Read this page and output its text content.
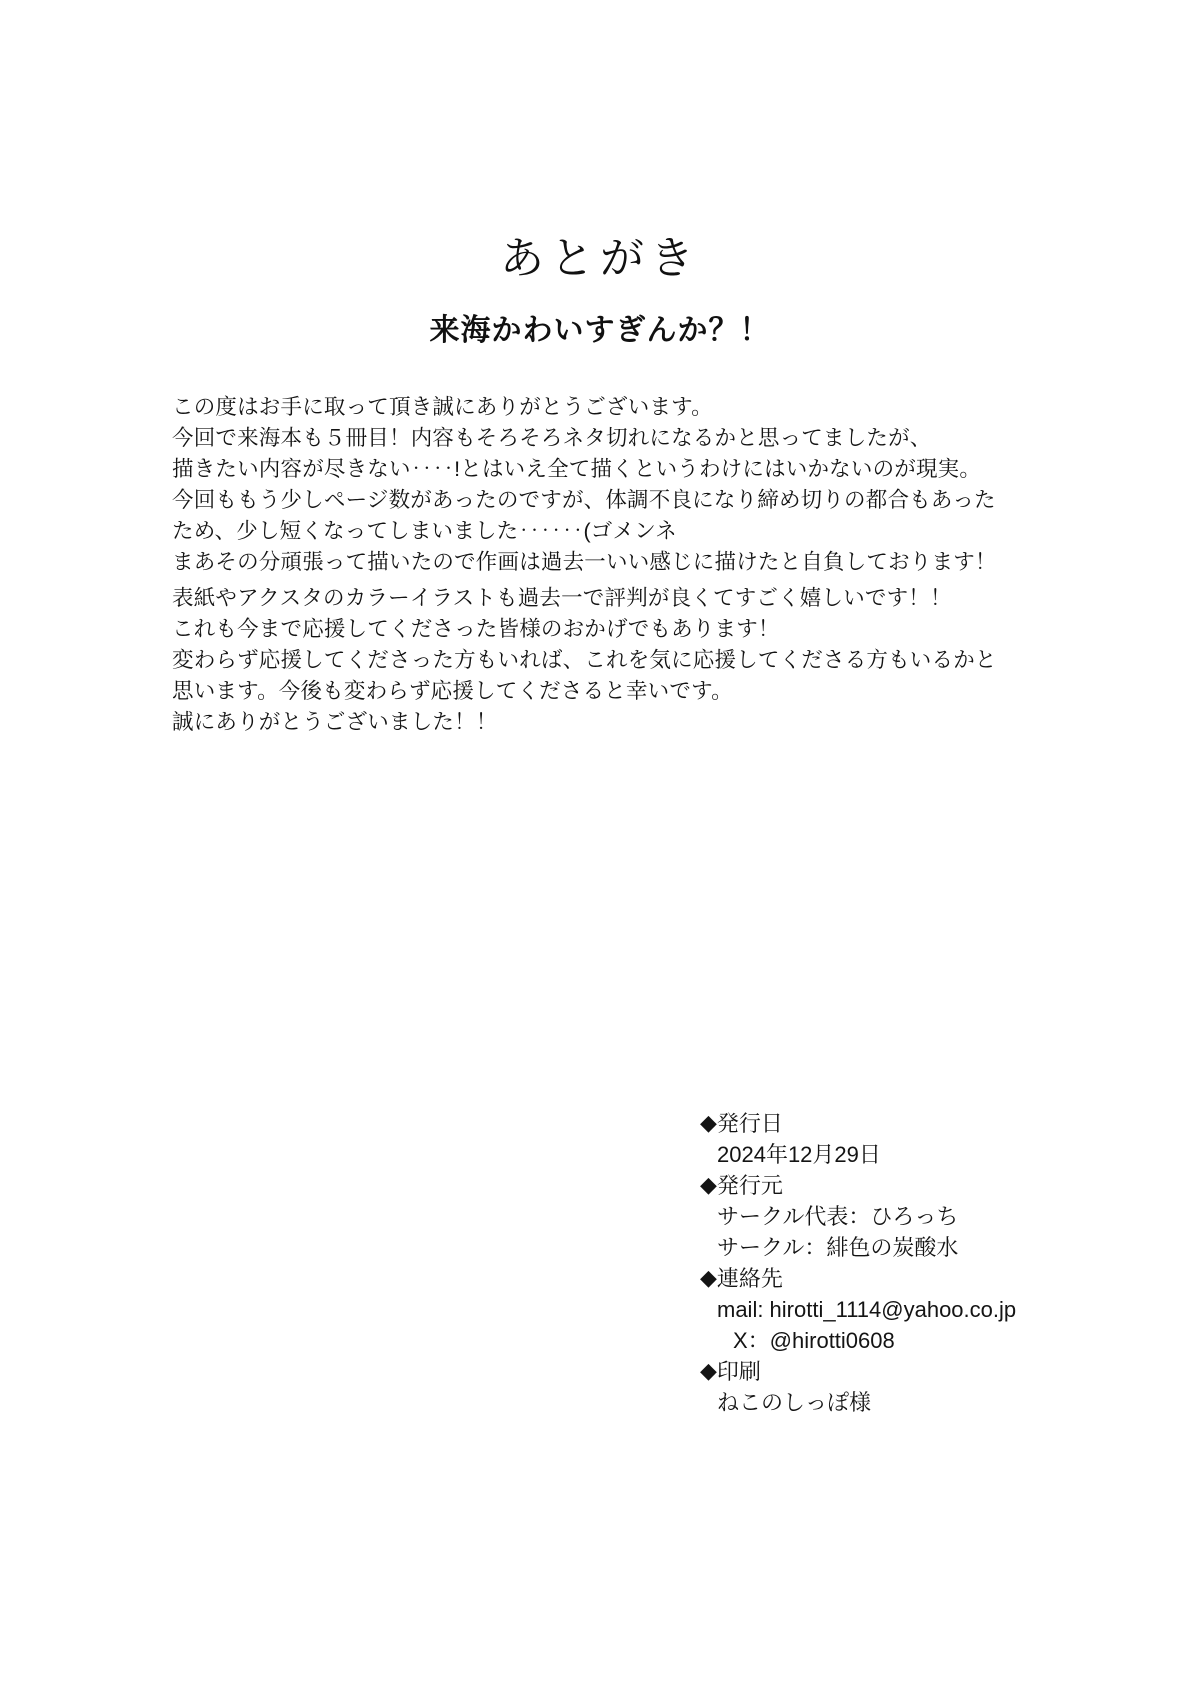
あとがき
来海かわいすぎんか？！

この度はお手に取って頂き誠にありがとうございます。

今回で来海本も５冊目！内容もそろそろネタ切れになるかと思ってましたが、

描きたい内容が尽きない‥‥!とはいえ全て描くというわけにはいかないのが現実。

今回ももう少しページ数があったのですが、体調不良になり締め切りの都合もあった

ため、少し短くなってしまいました‥‥‥(ゴメンネ

まあその分頑張って描いたので作画は過去一いい感じに描けたと自負しております！

表紙やアクスタのカラーイラストも過去一で評判が良くてすごく嬉しいです！！

これも今まで応援してくださった皆様のおかげでもあります！

変わらず応援してくださった方もいれば、これを気に応援してくださる方もいるかと

思います。今後も変わらず応援してくださると幸いです。

誠にありがとうございました！！

◆発行日

2024年12月29日

◆発行元

サークル代表：ひろっち

サークル：緋色の炭酸水

◆連絡先

mail: hirotti_1114@yahoo.co.jp

X：@hirotti0608

◆印刷

ねこのしっぽ様
